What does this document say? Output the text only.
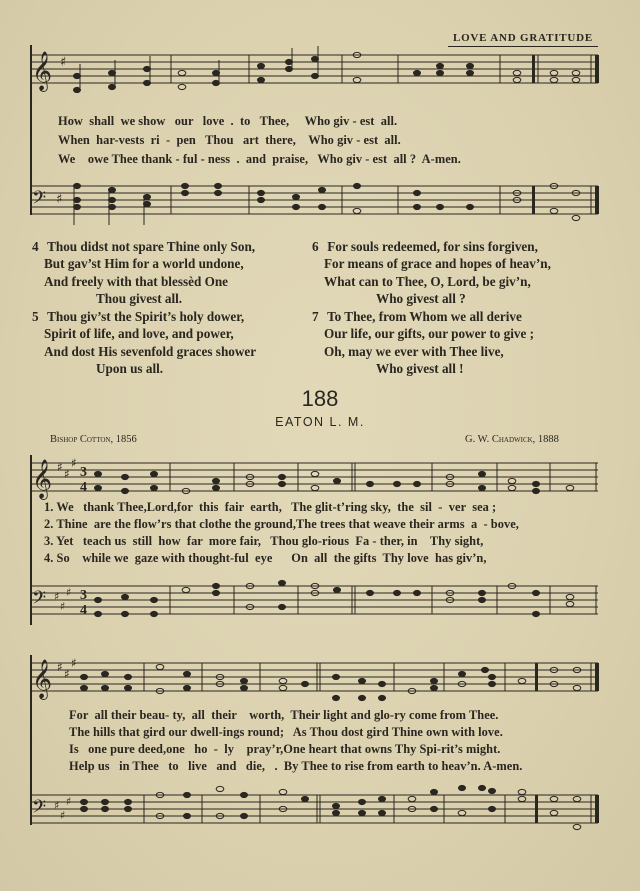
LOVE AND GRATITUDE
𝄞 ♯
How  shall  we show   our   love  .  to   Thee,     Who giv - est  all.
When  har-vests  ri  -  pen   Thou   art  there,    Who giv - est  all.
We    owe Thee thank - ful - ness  .  and  praise,   Who giv - est  all ?  A-men.
𝄢 ♯
4 Thou didst not spare Thine only Son,
But gav’st Him for a world undone,
And freely with that blessèd One
Thou givest all.
5 Thou giv’st the Spirit’s holy dower,
Spirit of life, and love, and power,
And dost His sevenfold graces shower
Upon us all.
6 For souls redeemed, for sins forgiven,
For means of grace and hopes of heav’n,
What can to Thee, O, Lord, be giv’n,
Who givest all ?
7 To Thee, from Whom we all derive
Our life, our gifts, our power to give ;
Oh, may we ever with Thee live,
Who givest all !
188
EATON L. M.
Bishop Cotton, 1856	G. W. Chadwick, 1888
𝄞 ♯ ♯
♯
3
4
1. We   thank Thee,Lord,for  this  fair  earth,   The glit-t’ring sky,  the  sil  -  ver  sea ;
2. Thine  are the flow’rs that clothe the ground,The trees that weave their arms  a  - bove,
3. Yet   teach us  still  how  far  more fair,   Thou glo-rious  Fa - ther, in    Thy sight,
4. So    while we  gaze with thought-ful  eye      On  all  the gifts  Thy love  has giv’n,
𝄢 ♯
♯
♯ 3
4
𝄞 ♯ ♯
♯
For  all their beau- ty,  all  their    worth,  Their light and glo-ry come from Thee.
The hills that gird our dwell-ings round;   As Thou dost gird Thine own with love.
Is   one pure deed,one   ho  -  ly    pray’r,One heart that owns Thy Spi-rit’s might.
Help us   in Thee   to   live   and   die,   .  By Thee to rise from earth to heav’n. A-men.
𝄢 ♯
♯
♯
